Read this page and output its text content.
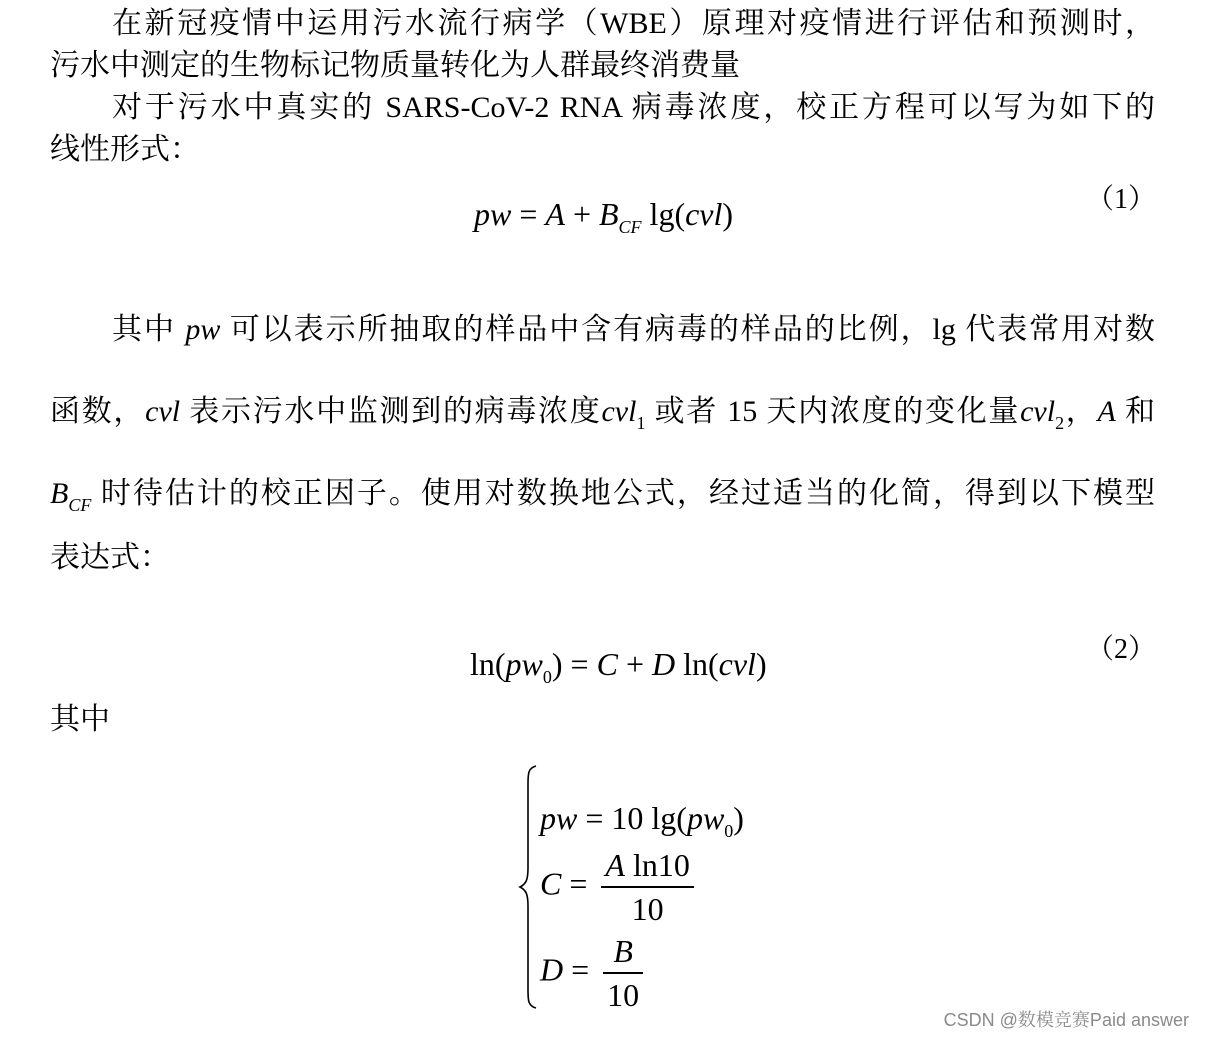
在新冠疫情中运用污水流行病学（WBE）原理对疫情进行评估和预测时，
污水中测定的生物标记物质量转化为人群最终消费量
对于污水中真实的 SARS-CoV-2 RNA 病毒浓度，校正方程可以写为如下的
线性形式：
pw = $A + B_{CF}$ lg(cvl)	（1）
其中 pw 可以表示所抽取的样品中含有病毒的样品的比例，lg 代表常用对数
函数，cvl 表示污水中监测到的病毒浓度cvl$_1$ 或者 15 天内浓度的变化量cvl$_2$，A 和
$B_{CF}$ 时待估计的校正因子。使用对数换地公式，经过适当的化简，得到以下模型
表达式：
$\ln(pw_0) = C + D$ ln(cvl)	（2）
其中
pw = 10 $\lg(pw_0)$
$C = \frac{\text{A ln10}}{10}$
$D = \frac{B}{10}$
CSDN @数模竞赛Paid answer
